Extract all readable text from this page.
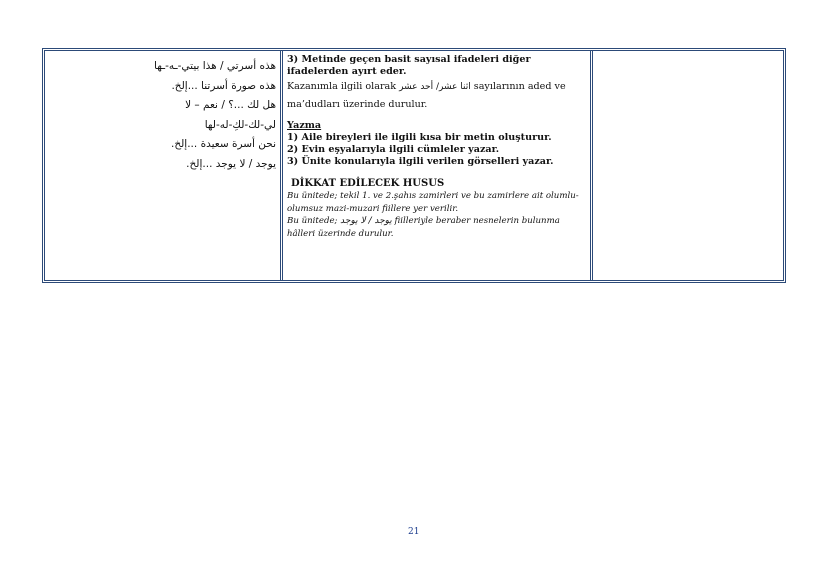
هذه أسرتي / هذا بيتي-ـه-ـها
هذه صورة أسرتنا ...إلخ.
هل لك ...؟ / نعم – لا
لي-لك-لكِ-له-لها
نحن أسرة سعيدة ...إلخ.
يوجد / لا يوجد ...إلخ.
3) Metinde geçen basit sayısal ifadeleri diğer ifadelerden ayırt eder.
Kazanımla ilgili olarak اثنا عشر/ أحد عشر sayılarının aded ve ma’dudları üzerinde durulur.
Yazma
1) Aile bireyleri ile ilgili kısa bir metin oluşturur.
2) Evin eşyalarıyla ilgili cümleler yazar.
3) Ünite konularıyla ilgili verilen görselleri yazar.
DİKKAT EDİLECEK HUSUS
Bu ünitede; tekil 1. ve 2.şahıs zamirleri ve bu zamirlere ait olumlu-olumsuz mazi-muzari fiillere yer verilir.
Bu ünitede; يوجد / لا يوجد fiilleriyle beraber nesnelerin bulunma hâlleri üzerinde durulur.
21
